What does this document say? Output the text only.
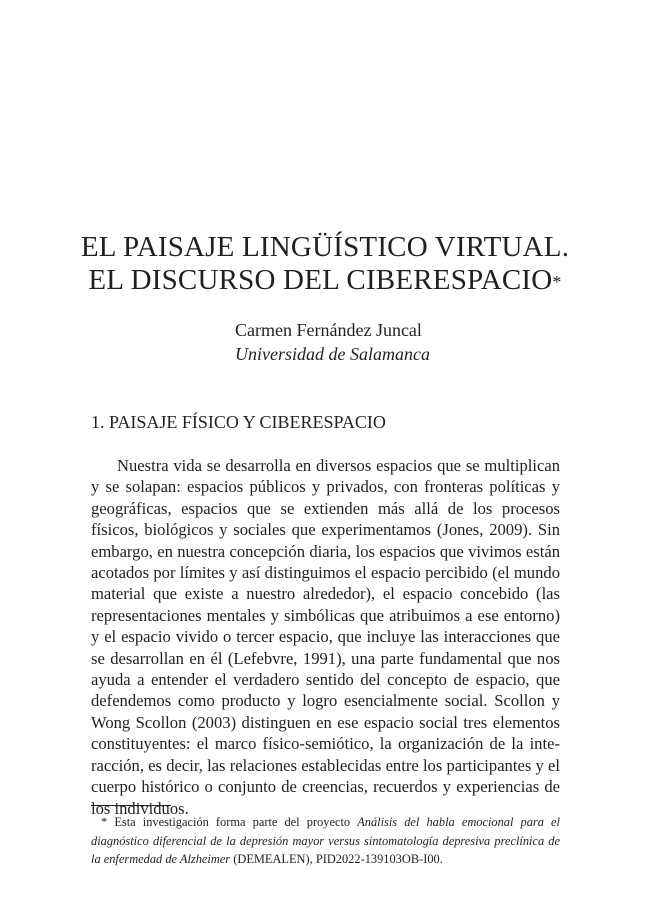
EL PAISAJE LINGÜÍSTICO VIRTUAL.
EL DISCURSO DEL CIBERESPACIO*
Carmen Fernández Juncal
Universidad de Salamanca
1. PAISAJE FÍSICO Y CIBERESPACIO

Nuestra vida se desarrolla en diversos espacios que se multiplican y se solapan: espacios públicos y privados, con fronteras políticas y geográficas, espacios que se extienden más allá de los procesos físicos, biológicos y sociales que experimentamos (Jones, 2009). Sin embargo, en nuestra concepción diaria, los espacios que vivimos están acotados por límites y así distinguimos el espacio percibido (el mundo material que existe a nuestro alrededor), el espacio concebido (las representaciones mentales y simbólicas que atribuimos a ese entorno) y el espacio vivido o tercer espacio, que incluye las interacciones que se desarrollan en él (Lefebvre, 1991), una parte fundamental que nos ayuda a entender el verdadero sentido del concepto de espacio, que defendemos como producto y logro esencialmente social. Scollon y Wong Scollon (2003) distinguen en ese espacio social tres elementos constituyentes: el marco físico-semiótico, la organización de la interacción, es decir, las relaciones establecidas entre los participantes y el cuerpo histórico o conjunto de creencias, recuerdos y experiencias de los individuos.

* Esta investigación forma parte del proyecto Análisis del habla emocional para el diagnóstico diferencial de la depresión mayor versus sintomatología depresiva preclínica de la enfermedad de Alzheimer (DEMEALEN), PID2022-139103OB-I00.
